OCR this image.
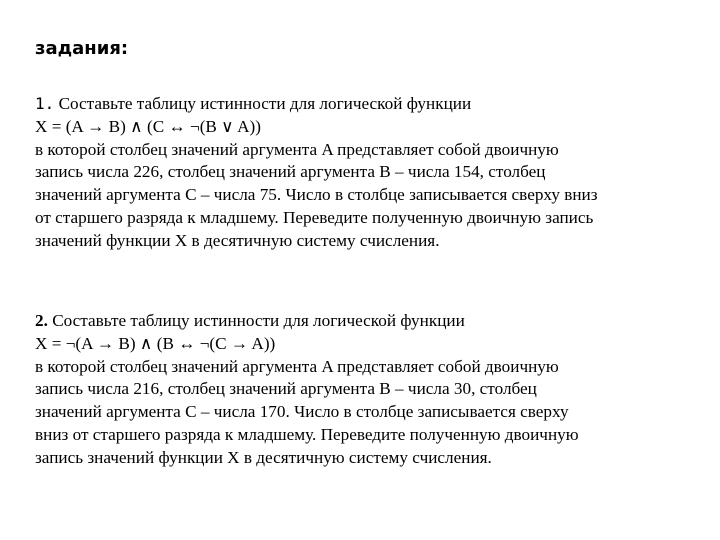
задания:
1. Составьте таблицу истинности для логической функции
X = (A → B) ∧ (C ↔ ¬(B ∨ A))
в которой столбец значений аргумента A представляет собой двоичную
запись числа 226, столбец значений аргумента B – числа 154, столбец
значений аргумента C – числа 75. Число в столбце записывается сверху вниз
от старшего разряда к младшему. Переведите полученную двоичную запись
значений функции X в десятичную систему счисления.
2. Составьте таблицу истинности для логической функции
X = ¬(A → B) ∧ (B ↔ ¬(C → A))
в которой столбец значений аргумента A представляет собой двоичную
запись числа 216, столбец значений аргумента B – числа 30, столбец
значений аргумента C – числа 170. Число в столбце записывается сверху
вниз от старшего разряда к младшему. Переведите полученную двоичную
запись значений функции X в десятичную систему счисления.
